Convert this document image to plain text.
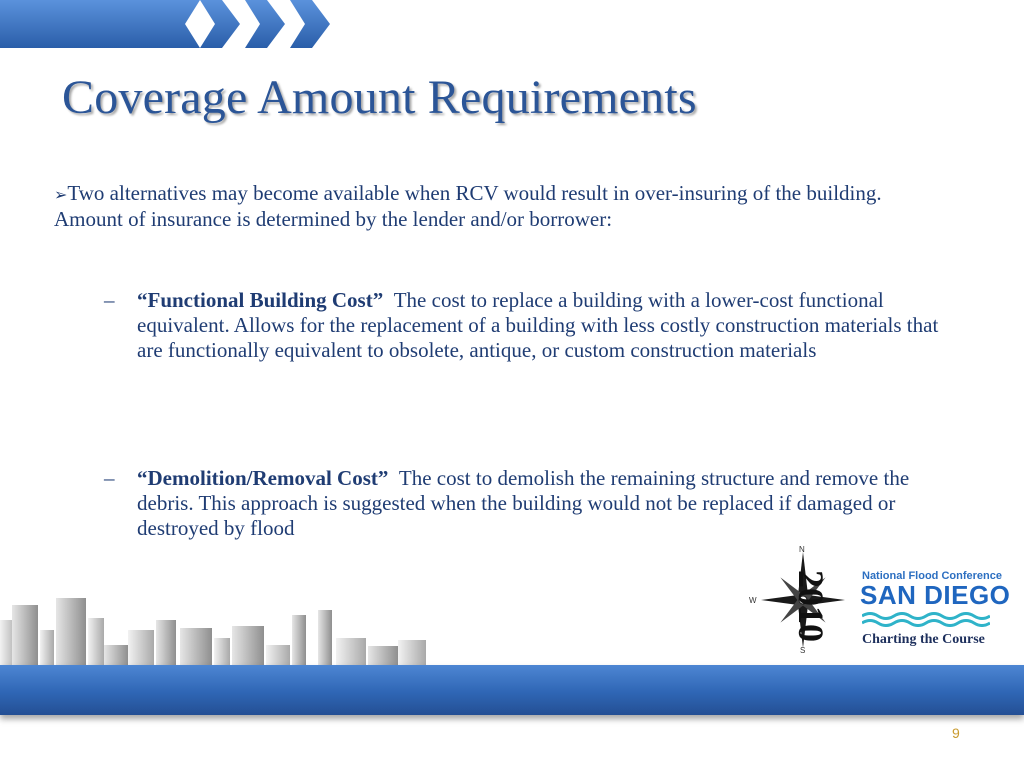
Coverage Amount Requirements
➢Two alternatives may become available when RCV would result in over-insuring of the building. Amount of insurance is determined by the lender and/or borrower:
– “Functional Building Cost” The cost to replace a building with a lower-cost functional equivalent. Allows for the replacement of a building with less costly construction materials that are functionally equivalent to obsolete, antique, or custom construction materials
– “Demolition/Removal Cost” The cost to demolish the remaining structure and remove the debris. This approach is suggested when the building would not be replaced if damaged or destroyed by flood
9
N
S
W 2010	National Flood Conference
SAN DIEGO
Charting the Course
